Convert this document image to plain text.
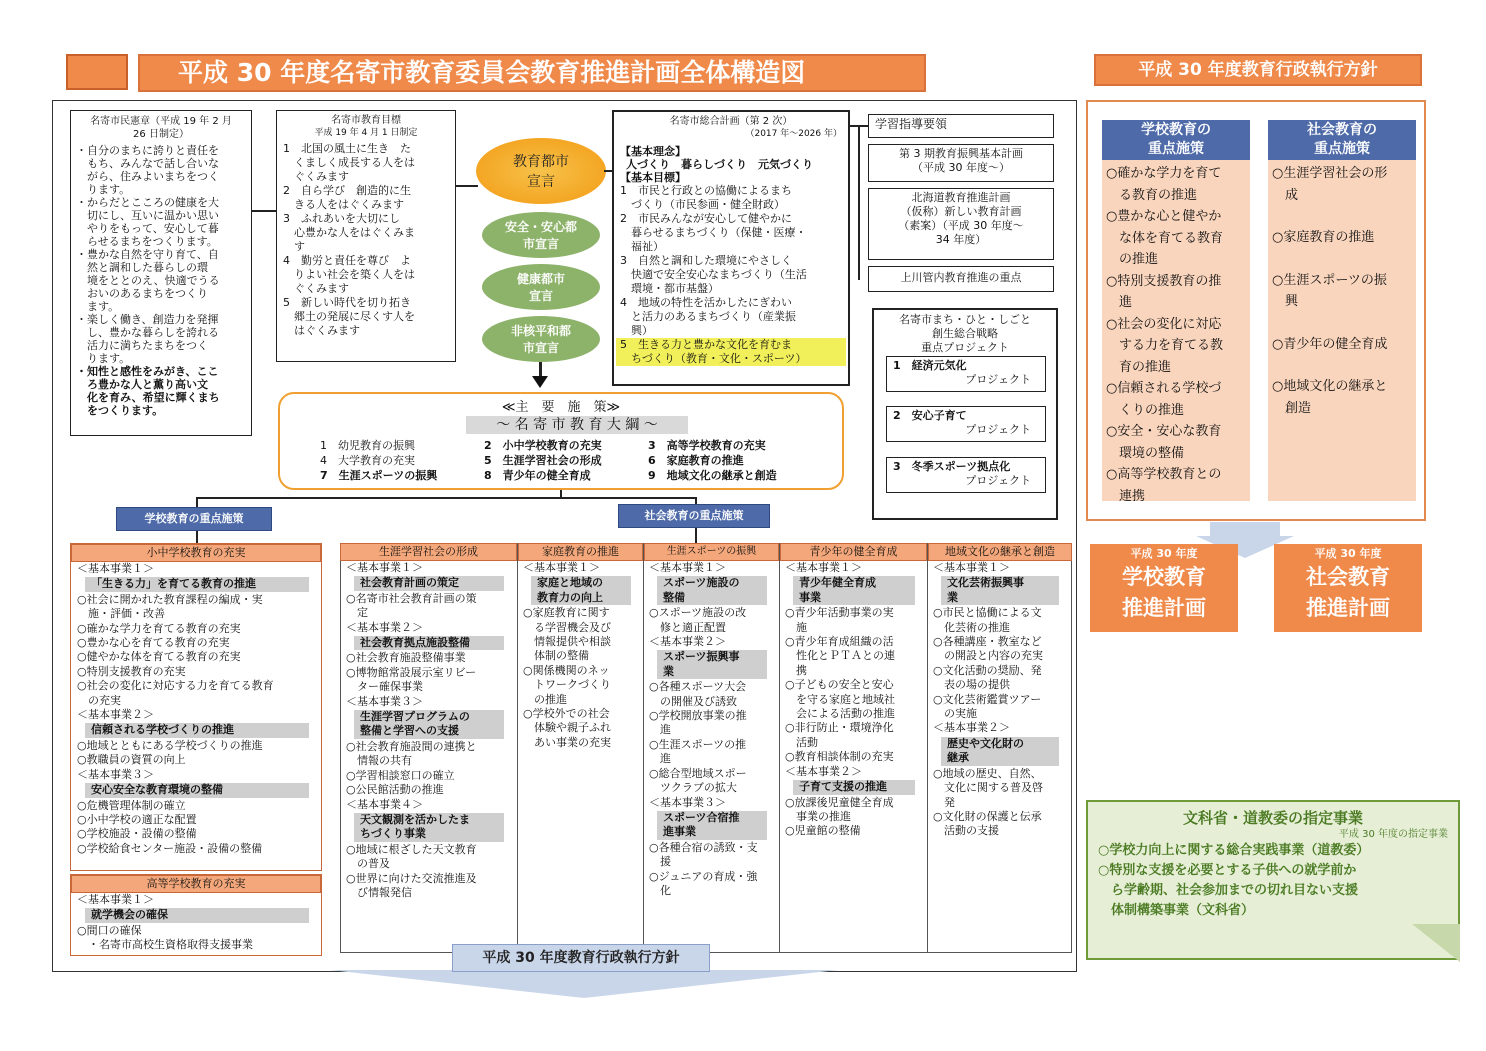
平成 30 年度名寄市教育委員会教育推進計画全体構造図	平成 30 年度教育行政執行方針
名寄市民憲章（平成 19 年 2 月
26 日制定）
・自分のまちに誇りと責任を
　もち、みんなで話し合いな
　がら、住みよいまちをつく
　ります。
・からだとこころの健康を大
　切にし、互いに温かい思い
　やりをもって、安心して暮
　らせるまちをつくります。
・豊かな自然を守り育て、自
　然と調和した暮らしの環
　境をととのえ、快適でうる
　おいのあるまちをつくり
　ます。
・楽しく働き、創造力を発揮
　し、豊かな暮らしを誇れる
　活力に満ちたまちをつく
　ります。
・知性と感性をみがき、ここ
　ろ豊かな人と薫り高い文
　化を育み、希望に輝くまち
　をつくります。
名寄市教育目標
平成 19 年 4 月 1 日制定
1　北国の風土に生き　た
　くましく成長する人をは
　ぐくみます
2　自ら学び　創造的に生
　きる人をはぐくみます
3　ふれあいを大切にし
　心豊かな人をはぐくみま
　す
4　勤労と責任を尊び　よ
　りよい社会を築く人をは
　ぐくみます
5　新しい時代を切り拓き
　郷土の発展に尽くす人を
　はぐくみます
教育都市
宣言
安全・安心都
市宣言
健康都市
宣言
非核平和都
市宣言
名寄市総合計画（第 2 次）
（2017 年～2026 年）
【基本理念】
人づくり　暮らしづくり　元気づくり
【基本目標】
1　市民と行政との協働によるまち
　づくり（市民参画・健全財政）
2　市民みんなが安心して健やかに
　暮らせるまちづくり（保健・医療・
　福祉）
3　自然と調和した環境にやさしく
　快適で安全安心なまちづくり（生活
　環境・都市基盤）
4　地域の特性を活かしたにぎわい
　と活力のあるまちづくり（産業振
　興）
5　生きる力と豊かな文化を育むま
　ちづくり（教育・文化・スポーツ）
学習指導要領
第 3 期教育振興基本計画
（平成 30 年度～）
北海道教育推進計画
（仮称）新しい教育計画
（素案）（平成 30 年度～
34 年度）
上川管内教育推進の重点
名寄市まち・ひと・しごと
創生総合戦略
重点プロジェクト
1　 経済元気化
プロジェクト
2　 安心子育て
プロジェクト
3　 冬季スポーツ拠点化
プロジェクト
≪主　要　施　策≫
～ 名 寄 市 教 育 大 綱 ～
1　幼児教育の振興	2　小中学校教育の充実	3　高等学校教育の充実
4　大学教育の充実	5　生涯学習社会の形成	6　家庭教育の推進
7　生涯スポーツの振興	8　青少年の健全育成	9　地域文化の継承と創造
学校教育の重点施策	社会教育の重点施策
小中学校教育の充実
＜基本事業１＞
「生きる力」を育てる教育の推進
○社会に開かれた教育課程の編成・実
　施・評価・改善
○確かな学力を育てる教育の充実
○豊かな心を育てる教育の充実
○健やかな体を育てる教育の充実
○特別支援教育の充実
○社会の変化に対応する力を育てる教育
　の充実
＜基本事業２＞
信頼される学校づくりの推進
○地域とともにある学校づくりの推進
○教職員の資質の向上
＜基本事業３＞
安心安全な教育環境の整備
○危機管理体制の確立
○小中学校の適正な配置
○学校施設・設備の整備
○学校給食センター施設・設備の整備
高等学校教育の充実
＜基本事業１＞
就学機会の確保
○間口の確保
　・名寄市高校生資格取得支援事業
生涯学習社会の形成
＜基本事業１＞
社会教育計画の策定
○名寄市社会教育計画の策
　定
＜基本事業２＞
社会教育拠点施設整備
○社会教育施設整備事業
○博物館常設展示室リビー
　ター確保事業
＜基本事業３＞
生涯学習プログラムの
整備と学習への支援
○社会教育施設間の連携と
　情報の共有
○学習相談窓口の確立
○公民館活動の推進
＜基本事業４＞
天文観測を活かしたま
ちづくり事業
○地域に根ざした天文教育
　の普及
○世界に向けた交流推進及
　び情報発信
家庭教育の推進
＜基本事業１＞
家庭と地域の
教育力の向上
○家庭教育に関す
　る学習機会及び
　情報提供や相談
　体制の整備
○関係機関のネッ
　トワークづくり
　の推進
○学校外での社会
　体験や親子ふれ
　あい事業の充実
生涯スポーツの振興
＜基本事業１＞
スポーツ施設の
整備
○スポーツ施設の改
　修と適正配置
＜基本事業２＞
スポーツ振興事
業
○各種スポーツ大会
　の開催及び誘致
○学校開放事業の推
　進
○生涯スポーツの推
　進
○総合型地域スポー
　ツクラブの拡大
＜基本事業３＞
スポーツ合宿推
進事業
○各種合宿の誘致・支
　援
○ジュニアの育成・強
　化
青少年の健全育成
＜基本事業１＞
青少年健全育成
事業
○青少年活動事業の実
　施
○青少年育成組織の活
　性化とＰＴＡとの連
　携
○子どもの安全と安心
　を守る家庭と地域社
　会による活動の推進
○非行防止・環境浄化
　活動
○教育相談体制の充実
＜基本事業２＞
子育て支援の推進
○放課後児童健全育成
　事業の推進
○児童館の整備
地域文化の継承と創造
＜基本事業１＞
文化芸術振興事
業
○市民と協働による文
　化芸術の推進
○各種講座・教室など
　の開設と内容の充実
○文化活動の奨励、発
　表の場の提供
○文化芸術鑑賞ツアー
　の実施
＜基本事業２＞
歴史や文化財の
継承
○地域の歴史、自然、
　文化に関する普及啓
　発
○文化財の保護と伝承
　活動の支援
平成 30 年度教育行政執行方針
学校教育の
重点施策
社会教育の
重点施策
○確かな学力を育て
　る教育の推進
○豊かな心と健やか
　な体を育てる教育
　の推進
○特別支援教育の推
　進
○社会の変化に対応
　する力を育てる教
　育の推進
○信頼される学校づ
　くりの推進
○安全・安心な教育
　環境の整備
○高等学校教育との
　連携
○生涯学習社会の形
　成
○家庭教育の推進
○生涯スポーツの振
　興
○青少年の健全育成
○地域文化の継承と
　創造
平成 30 年度
学校教育
推進計画
平成 30 年度
社会教育
推進計画
文科省・道教委の指定事業
平成 30 年度の指定事業
○学校力向上に関する総合実践事業（道教委）
○特別な支援を必要とする子供への就学前か
　ら学齢期、社会参加までの切れ目ない支援
　体制構築事業（文科省）
